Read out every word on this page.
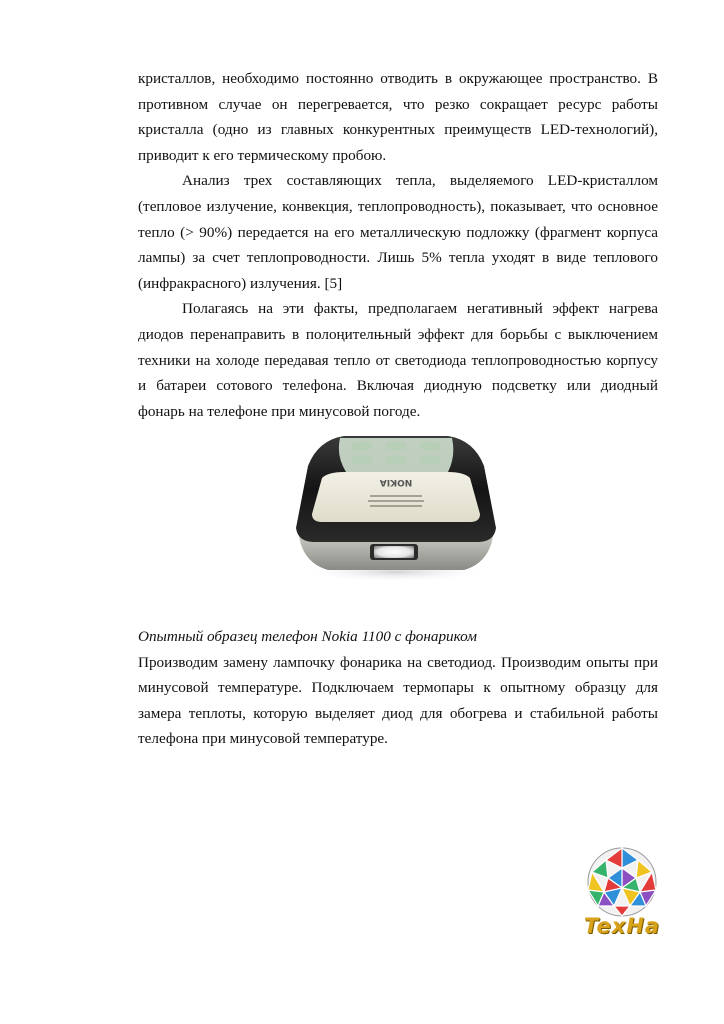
кристаллов, необходимо постоянно отводить в окружающее пространство. В противном случае он перегревается, что резко сокращает ресурс работы кристалла (одно из главных конкурентных преимуществ LED-технологий), приводит к его термическому пробою.

Анализ трех составляющих тепла, выделяемого LED-кристаллом (тепловое излучение, конвекция, теплопроводность), показывает, что основное тепло (> 90%) передается на его металлическую подложку (фрагмент корпуса лампы) за счет теплопроводности. Лишь 5% тепла уходят в виде теплового (инфракрасного) излучения. [5]

Полагаясь на эти факты, предполагаем негативный эффект нагрева диодов перенаправить в полоңителњный эффект для борьбы с выключением техники на холоде передавая тепло от светодиода теплопроводностью корпусу и батареи сотового телефона. Включая диодную подсветку или диодный фонарь на телефоне при минусовой погоде.

NOKIA

Опытный образец телефон Nokia 1100 с фонариком

Производим замену лампочку фонарика на светодиод. Производим опыты при минусовой температуре. Подключаем термопары к опытному образцу для замера теплоты, которую выделяет диод для обогрева и стабильной работы телефона при минусовой температуре.

TexHa
